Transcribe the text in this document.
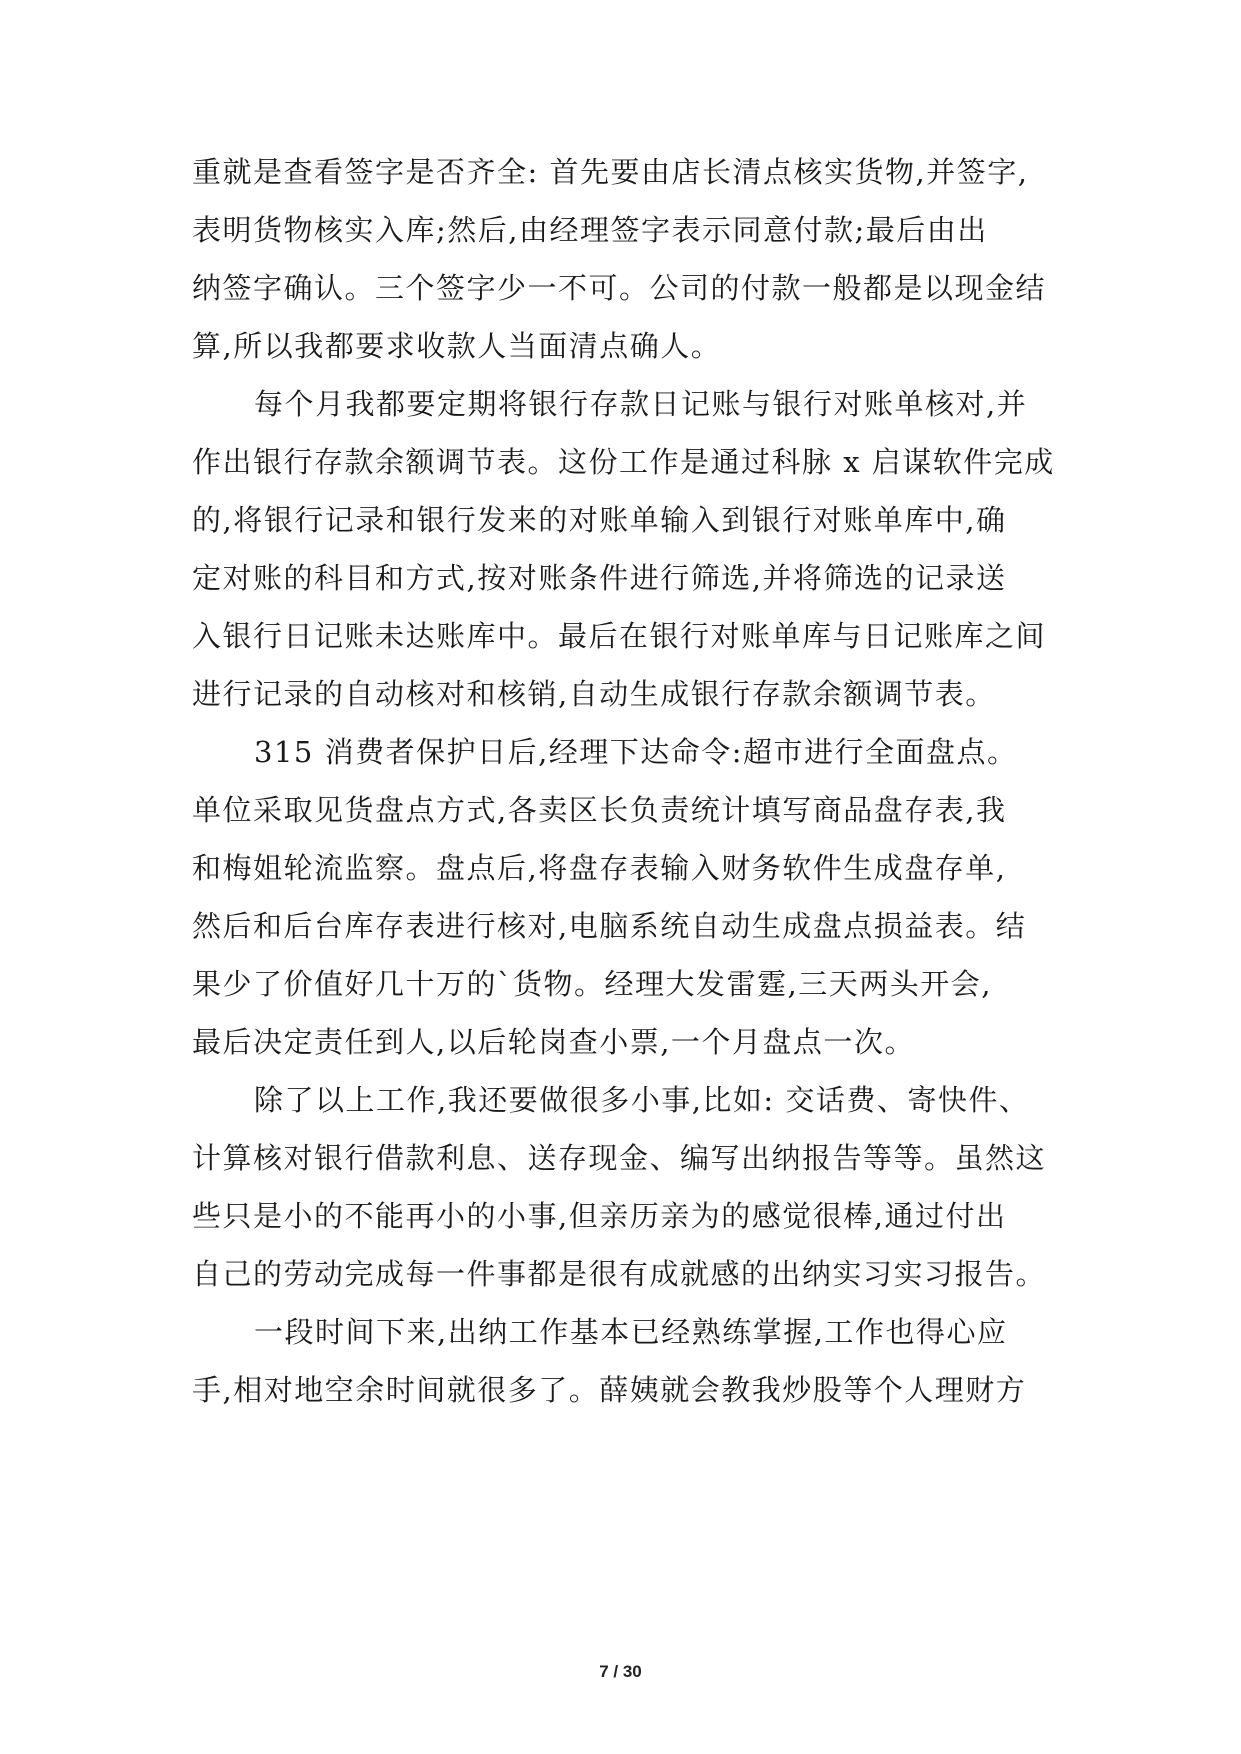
重就是查看签字是否齐全: 首先要由店长清点核实货物,并签字,
表明货物核实入库;然后,由经理签字表示同意付款;最后由出
纳签字确认。三个签字少一不可。公司的付款一般都是以现金结
算,所以我都要求收款人当面清点确人。
每个月我都要定期将银行存款日记账与银行对账单核对,并
作出银行存款余额调节表。这份工作是通过科脉 x 启谋软件完成
的,将银行记录和银行发来的对账单输入到银行对账单库中,确
定对账的科目和方式,按对账条件进行筛选,并将筛选的记录送
入银行日记账未达账库中。最后在银行对账单库与日记账库之间
进行记录的自动核对和核销,自动生成银行存款余额调节表。
315 消费者保护日后,经理下达命令:超市进行全面盘点。
单位采取见货盘点方式,各卖区长负责统计填写商品盘存表,我
和梅姐轮流监察。盘点后,将盘存表输入财务软件生成盘存单,
然后和后台库存表进行核对,电脑系统自动生成盘点损益表。结
果少了价值好几十万的`货物。经理大发雷霆,三天两头开会,
最后决定责任到人,以后轮岗查小票,一个月盘点一次。
除了以上工作,我还要做很多小事,比如: 交话费、寄快件、
计算核对银行借款利息、送存现金、编写出纳报告等等。虽然这
些只是小的不能再小的小事,但亲历亲为的感觉很棒,通过付出
自己的劳动完成每一件事都是很有成就感的出纳实习实习报告。
一段时间下来,出纳工作基本已经熟练掌握,工作也得心应
手,相对地空余时间就很多了。薛姨就会教我炒股等个人理财方
7 / 30
